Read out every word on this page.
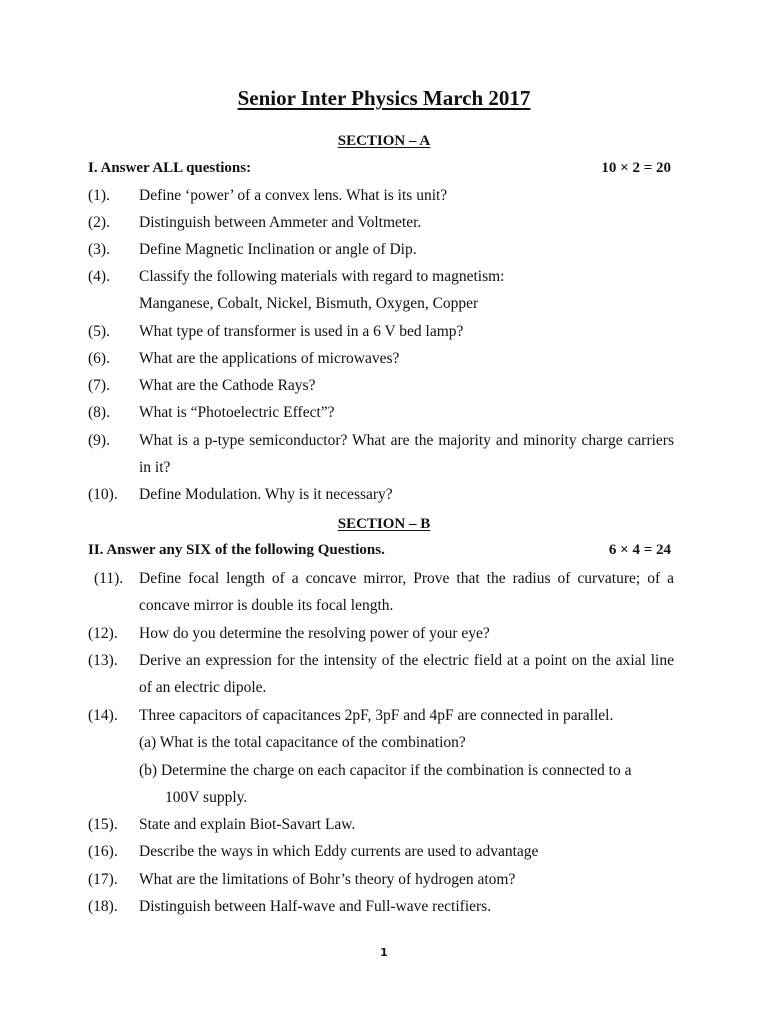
Senior Inter Physics March 2017
SECTION – A
I. Answer ALL questions:	10 × 2 = 20
(1). Define ‘power’ of a convex lens. What is its unit?
(2). Distinguish between Ammeter and Voltmeter.
(3). Define Magnetic Inclination or angle of Dip.
(4). Classify the following materials with regard to magnetism:
Manganese, Cobalt, Nickel, Bismuth, Oxygen, Copper
(5). What type of transformer is used in a 6 V bed lamp?
(6). What are the applications of microwaves?
(7). What are the Cathode Rays?
(8). What is “Photoelectric Effect”?
(9). What is a p-type semiconductor? What are the majority and minority charge carriers in it?
(10). Define Modulation. Why is it necessary?
SECTION – B
II. Answer any SIX of the following Questions.	6 × 4 = 24
(11). Define focal length of a concave mirror, Prove that the radius of curvature; of a concave mirror is double its focal length.
(12). How do you determine the resolving power of your eye?
(13). Derive an expression for the intensity of the electric field at a point on the axial line of an electric dipole.
(14). Three capacitors of capacitances 2pF, 3pF and 4pF are connected in parallel.
(a) What is the total capacitance of the combination?
(b) Determine the charge on each capacitor if the combination is connected to a
100V supply.
(15). State and explain Biot-Savart Law.
(16). Describe the ways in which Eddy currents are used to advantage
(17). What are the limitations of Bohr’s theory of hydrogen atom?
(18). Distinguish between Half-wave and Full-wave rectifiers.
1
